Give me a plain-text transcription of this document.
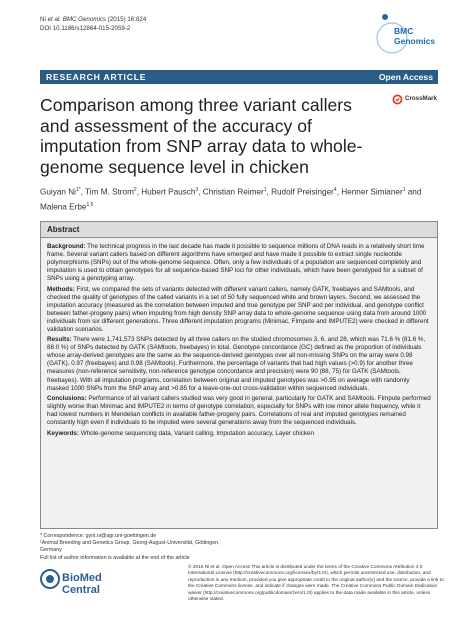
Ni et al. BMC Genomics (2015) 16:824
DOI 10.1186/s12864-015-2059-2	BMC
Genomics
RESEARCH ARTICLE	Open Access
Comparison among three variant callers and assessment of the accuracy of imputation from SNP array data to whole-genome sequence level in chicken
CrossMark
Guiyan $Ni^{1*}$, Tim M. Strom$^2$, Hubert Pausch$^3$, Christian Reimer$^1$, Rudolf Preisinger$^4$, Henner Simianer$^1$ and Malena Erbe$^{1,5}$
Abstract

Background: The technical progress in the last decade has made it possible to sequence millions of DNA reads in a relatively short time frame. Several variant callers based on different algorithms have emerged and have made it possible to extract single nucleotide polymorphisms (SNPs) out of the whole-genome sequence. Often, only a few individuals of a population are sequenced completely and imputation is used to obtain genotypes for all sequence-based SNP loci for other individuals, which have been genotyped for a subset of SNPs using a genotyping array.

Methods: First, we compared the sets of variants detected with different variant callers, namely GATK, freebayes and SAMtools, and checked the quality of genotypes of the called variants in a set of 50 fully sequenced white and brown layers. Second, we assessed the imputation accuracy (measured as the correlation between imputed and true genotype per SNP and per individual, and genotype conflict between father-progeny pairs) when imputing from high density SNP array data to whole-genome sequence using data from around 1000 individuals from six different generations. Three different imputation programs (Minimac, FImpute and IMPUTE2) were checked in different validation scenarios.

Results: There were 1,741,573 SNPs detected by all three callers on the studied chromosomes 3, 6, and 28, which was 71.6 % (81.6 %, 88.0 %) of SNPs detected by GATK (SAMtools, freebayes) in total. Genotype concordance (GC) defined as the proportion of individuals whose array-derived genotypes are the same as the sequence-derived genotypes over all non-missing SNPs on the array were 0.98 (GATK), 0.97 (freebayes) and 0.98 (SAMtools). Furthermore, the percentage of variants that had high values (>0.9) for another three measures (non-reference sensitivity, non-reference genotype concordance and precision) were 90 (88, 75) for GATK (SAMtools, freebayes). With all imputation programs, correlation between original and imputed genotypes was >0.95 on average with randomly masked 1000 SNPs from the SNP array and >0.85 for a leave-one-out cross-validation within sequenced individuals.

Conclusions: Performance of all variant callers studied was very good in general, particularly for GATK and SAMtools. FImpute performed slightly worse than Minimac and IMPUTE2 in terms of genotype correlation, especially for SNPs with low minor allele frequency, while it had lowest numbers in Mendelian conflicts in available father-progeny pairs. Correlations of real and imputed genotypes remained constantly high even if individuals to be imputed were several generations away from the sequenced individuals.

Keywords: Whole-genome sequencing data, Variant calling, Imputation accuracy, Layer chicken

* Correspondence: gyni.ni@agr.uni-goettingen.de
¹Animal Breeding and Genetics Group, Georg-August-Universität, Göttingen,
Germany
Full list of author information is available at the end of the article
BioMed Central
© 2015 Ni et al. Open Access This article is distributed under the terms of the Creative Commons Attribution 4.0 International License (http://creativecommons.org/licenses/by/4.0/), which permits unrestricted use, distribution, and reproduction in any medium, provided you give appropriate credit to the original author(s) and the source, provide a link to the Creative Commons license, and indicate if changes were made. The Creative Commons Public Domain Dedication waiver (http://creativecommons.org/publicdomain/zero/1.0/) applies to the data made available in this article, unless otherwise stated.
